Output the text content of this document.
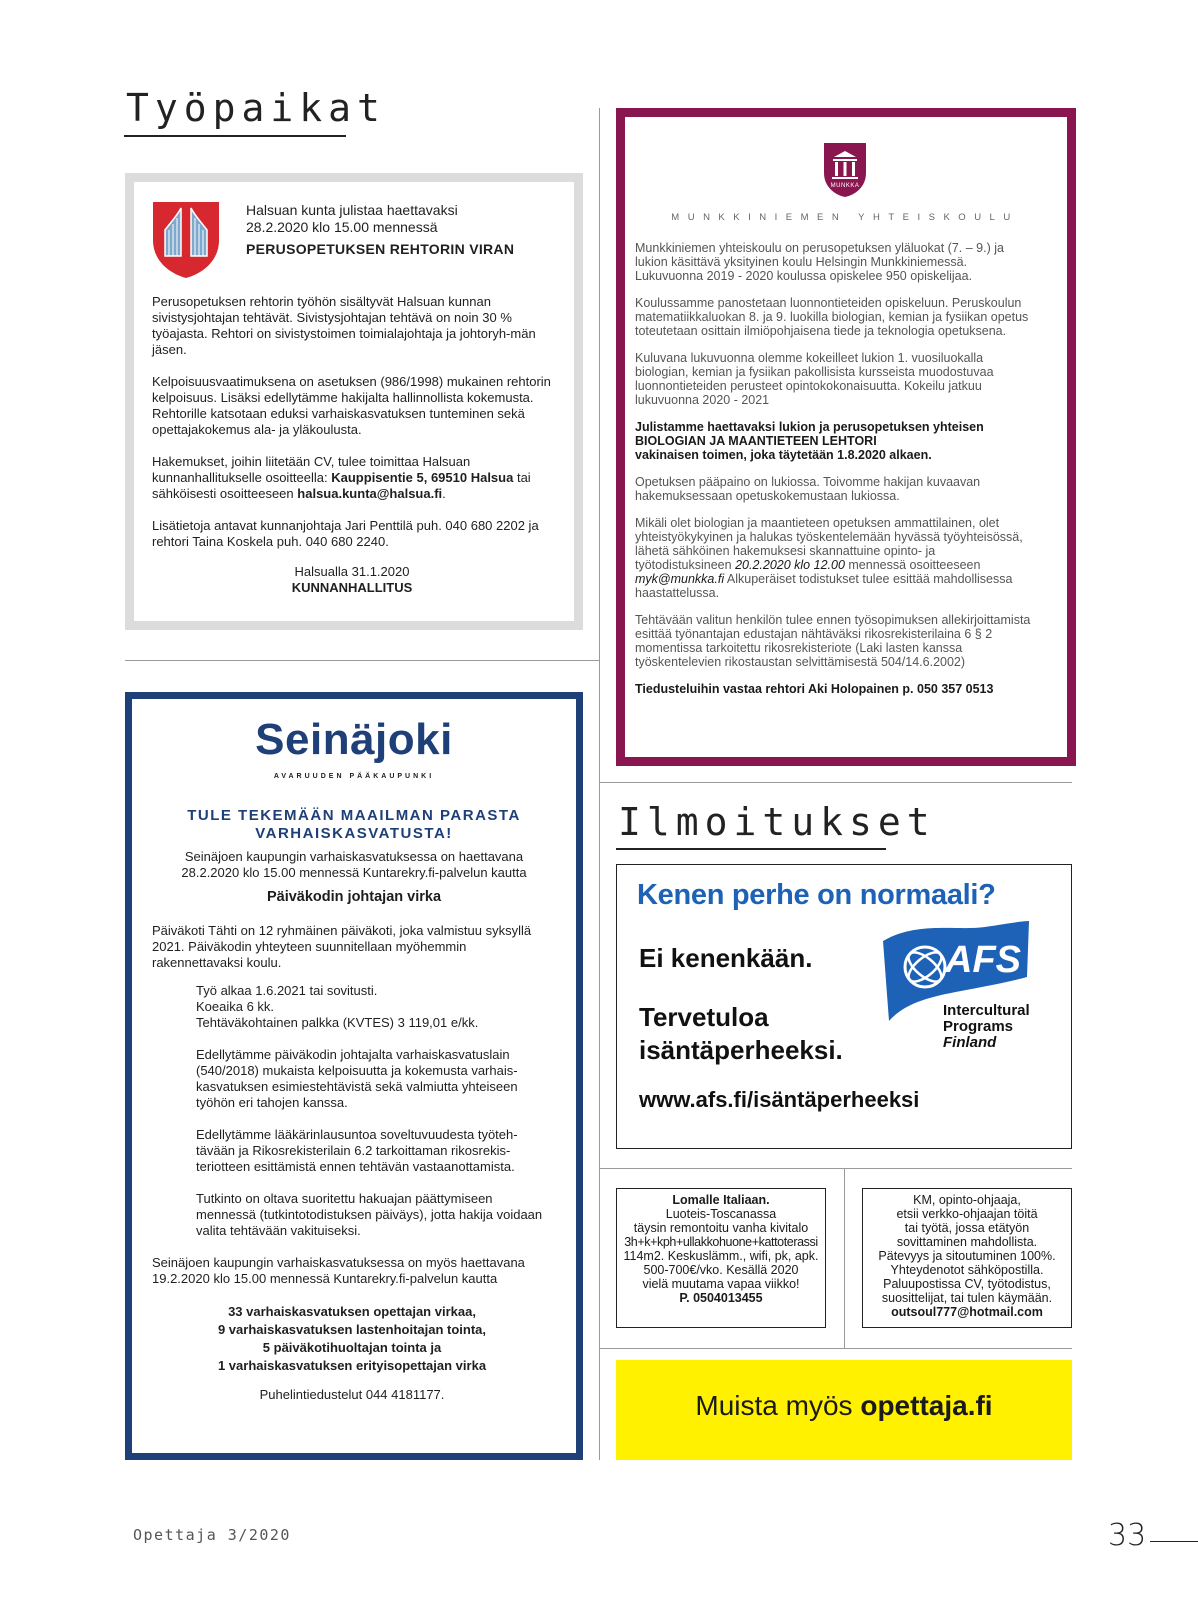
Työpaikat
Halsuan kunta julistaa haettavaksi
28.2.2020 klo 15.00 mennessä
PERUSOPETUKSEN REHTORIN VIRAN

Perusopetuksen rehtorin työhön sisältyvät Halsuan kunnan sivistysjohtajan tehtävät. Sivistysjohtajan tehtävä on noin 30 % työajasta. Rehtori on sivistystoimen toimialajohtaja ja johtoryh-män jäsen.

Kelpoisuusvaatimuksena on asetuksen (986/1998) mukainen rehtorin kelpoisuus. Lisäksi edellytämme hakijalta hallinnollista kokemusta. Rehtorille katsotaan eduksi varhaiskasvatuksen tunteminen sekä opettajakokemus ala- ja yläkoulusta.

Hakemukset, joihin liitetään CV, tulee toimittaa Halsuan kunnanhallitukselle osoitteella: Kauppisentie 5, 69510 Halsua tai sähköisesti osoitteeseen halsua.kunta@halsua.fi.

Lisätietoja antavat kunnanjohtaja Jari Penttilä puh. 040 680 2202 ja rehtori Taina Koskela puh. 040 680 2240.

Halsualla 31.1.2020
KUNNANHALLITUS
MUNKKA
MUNKKINIEMEN YHTEISKOULU

Munkkiniemen yhteiskoulu on perusopetuksen yläluokat (7. – 9.) ja lukion käsittävä yksityinen koulu Helsingin Munkkiniemessä. Lukuvuonna 2019 - 2020 koulussa opiskelee 950 opiskelijaa.

Koulussamme panostetaan luonnontieteiden opiskeluun. Peruskoulun matematiikkaluokan 8. ja 9. luokilla biologian, kemian ja fysiikan opetus toteutetaan osittain ilmiöpohjaisena tiede ja teknologia opetuksena.

Kuluvana lukuvuonna olemme kokeilleet lukion 1. vuosiluokalla biologian, kemian ja fysiikan pakollisista kursseista muodostuvaa luonnontieteiden perusteet opintokokonaisuutta. Kokeilu jatkuu lukuvuonna 2020 - 2021

Julistamme haettavaksi lukion ja perusopetuksen yhteisen
BIOLOGIAN JA MAANTIETEEN LEHTORI
vakinaisen toimen, joka täytetään 1.8.2020 alkaen.

Opetuksen pääpaino on lukiossa. Toivomme hakijan kuvaavan hakemuksessaan opetuskokemustaan lukiossa.

Mikäli olet biologian ja maantieteen opetuksen ammattilainen, olet yhteistyökykyinen ja halukas työskentelemään hyvässä työyhteisössä, lähetä sähköinen hakemuksesi skannattuine opinto- ja työtodistuksineen 20.2.2020 klo 12.00 mennessä osoitteeseen myk@munkka.fi Alkuperäiset todistukset tulee esittää mahdollisessa haastattelussa.

Tehtävään valitun henkilön tulee ennen työsopimuksen allekirjoittamista esittää työnantajan edustajan nähtäväksi rikosrekisterilaina 6 § 2 momentissa tarkoitettu rikosrekisteriote (Laki lasten kanssa työskentelevien rikostaustan selvittämisestä 504/14.6.2002)

Tiedusteluihin vastaa rehtori Aki Holopainen p. 050 357 0513

Seinäjoki
AVARUUDEN PÄÄKAUPUNKI
TULE TEKEMÄÄN MAAILMAN PARASTA
VARHAISKASVATUSTA!
Seinäjoen kaupungin varhaiskasvatuksessa on haettavana 28.2.2020 klo 15.00 mennessä Kuntarekry.fi-palvelun kautta
Päiväkodin johtajan virka

Päiväkoti Tähti on 12 ryhmäinen päiväkoti, joka valmistuu syksyllä 2021. Päiväkodin yhteyteen suunnitellaan myöhemmin rakennettavaksi koulu.

Työ alkaa 1.6.2021 tai sovitusti.
Koeaika 6 kk.
Tehtäväkohtainen palkka (KVTES) 3 119,01 e/kk.

Edellytämme päiväkodin johtajalta varhaiskasvatuslain (540/2018) mukaista kelpoisuutta ja kokemusta varhais-kasvatuksen esimiestehtävistä sekä valmiutta yhteiseen työhön eri tahojen kanssa.

Edellytämme lääkärinlausuntoa soveltuvuudesta työteh-tävään ja Rikosrekisterilain 6.2 tarkoittaman rikosrekis-teriotteen esittämistä ennen tehtävän vastaanottamista.

Tutkinto on oltava suoritettu hakuajan päättymiseen mennessä (tutkintotodistuksen päiväys), jotta hakija voidaan valita tehtävään vakituiseksi.

Seinäjoen kaupungin varhaiskasvatuksessa on myös haettavana 19.2.2020 klo 15.00 mennessä Kuntarekry.fi-palvelun kautta

33 varhaiskasvatuksen opettajan virkaa,
9 varhaiskasvatuksen lastenhoitajan tointa,
5 päiväkotihuoltajan tointa ja
1 varhaiskasvatuksen erityisopettajan virka
Puhelintiedustelut 044 4181177.
Ilmoitukset
Kenen perhe on normaali?
Ei kenenkään.
Tervetuloa
isäntäperheeksi.
AFS
Intercultural
Programs
Finland
www.afs.fi/isäntäperheeksi
Lomalle Italiaan.
Luoteis-Toscanassa
täysin remontoitu vanha kivitalo
3h+k+kph+ullakkohuone+kattoterassi
114m2. Keskuslämm., wifi, pk, apk.
500-700€/vko. Kesällä 2020
vielä muutama vapaa viikko!
P. 0504013455
KM, opinto-ohjaaja,
etsii verkko-ohjaajan töitä
tai työtä, jossa etätyön
sovittaminen mahdollista.
Pätevyys ja sitoutuminen 100%.
Yhteydenotot sähköpostilla.
Paluupostissa CV, työtodistus,
suosittelijat, tai tulen käymään.
outsoul777@hotmail.com
Muista myös opettaja.fi
Opettaja 3/2020	33
